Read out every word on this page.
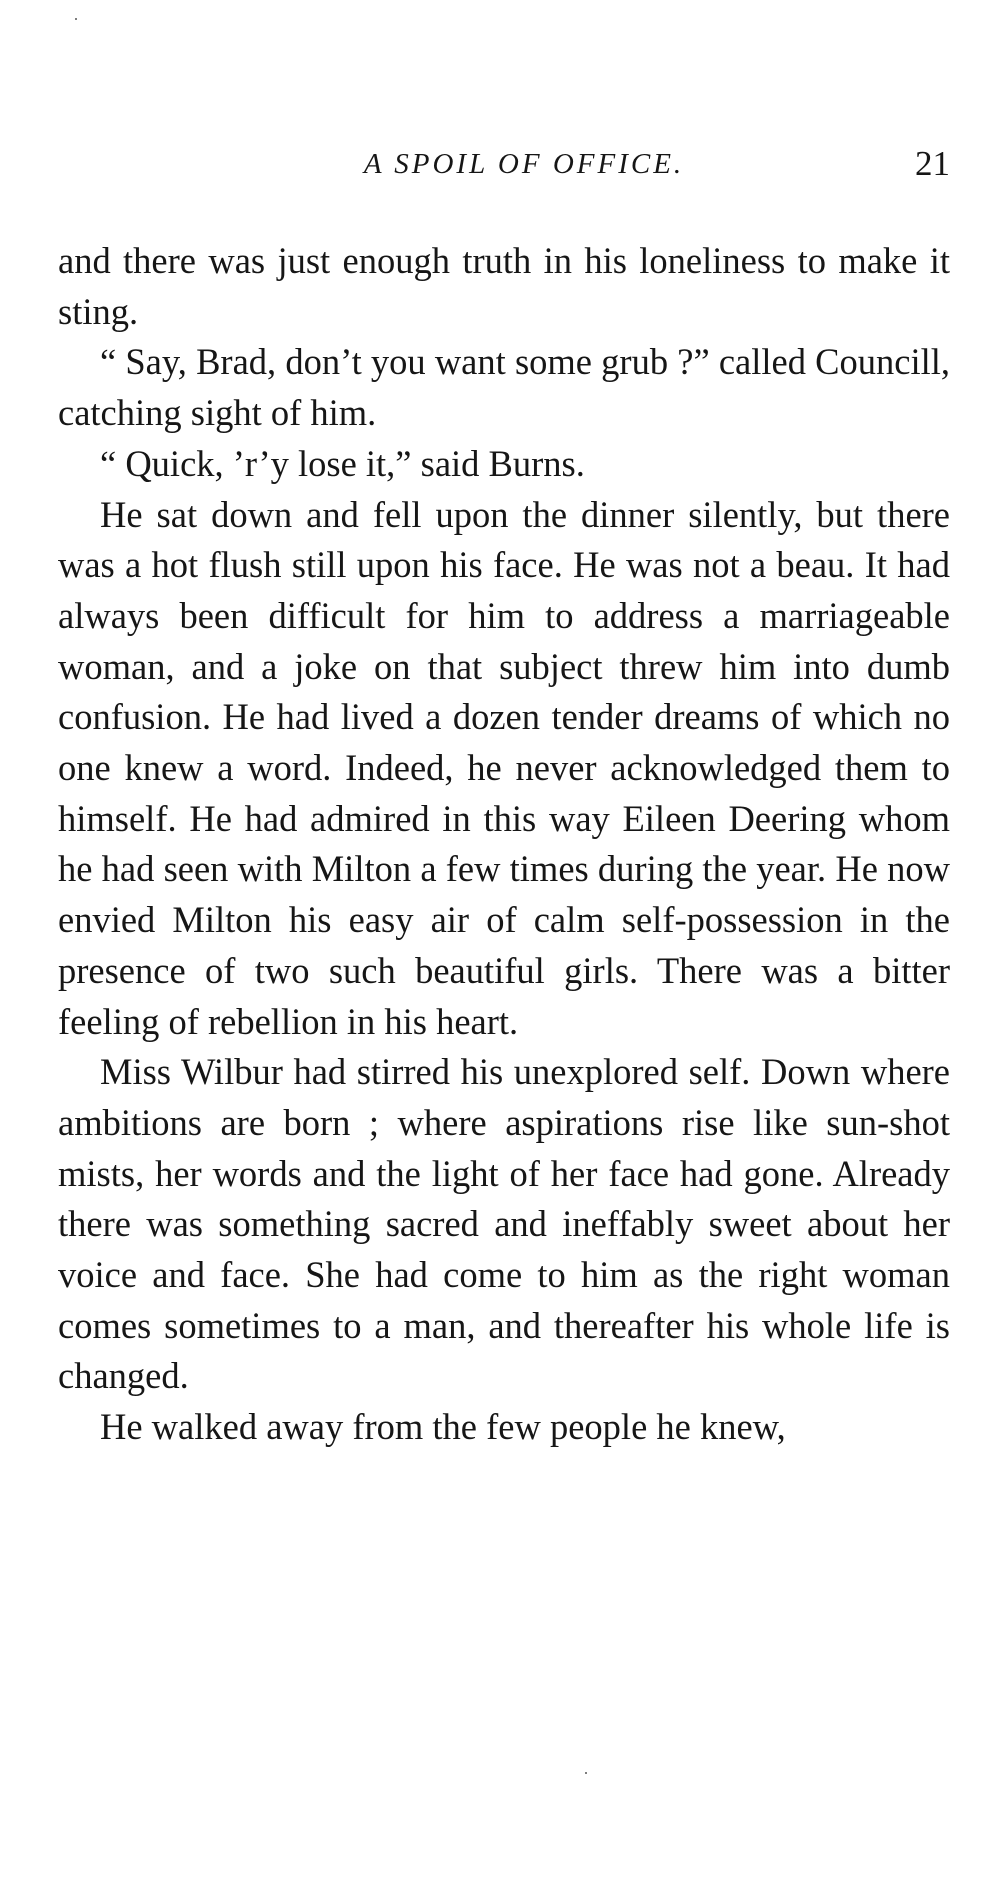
A SPOIL OF OFFICE.	21

and there was just enough truth in his loneliness to make it sting.

“ Say, Brad, don’t you want some grub ?” called Councill, catching sight of him.

“ Quick, ’r’y lose it,” said Burns.

He sat down and fell upon the dinner silently, but there was a hot flush still upon his face. He was not a beau. It had always been difficult for him to address a marriageable woman, and a joke on that subject threw him into dumb confusion. He had lived a dozen tender dreams of which no one knew a word. Indeed, he never acknowledged them to himself. He had admired in this way Eileen Deering whom he had seen with Milton a few times during the year. He now envied Milton his easy air of calm self-possession in the presence of two such beautiful girls. There was a bitter feeling of rebellion in his heart.

Miss Wilbur had stirred his unexplored self. Down where ambitions are born ; where aspirations rise like sun-shot mists, her words and the light of her face had gone. Already there was something sacred and ineffably sweet about her voice and face. She had come to him as the right woman comes sometimes to a man, and thereafter his whole life is changed.

He walked away from the few people he knew,
